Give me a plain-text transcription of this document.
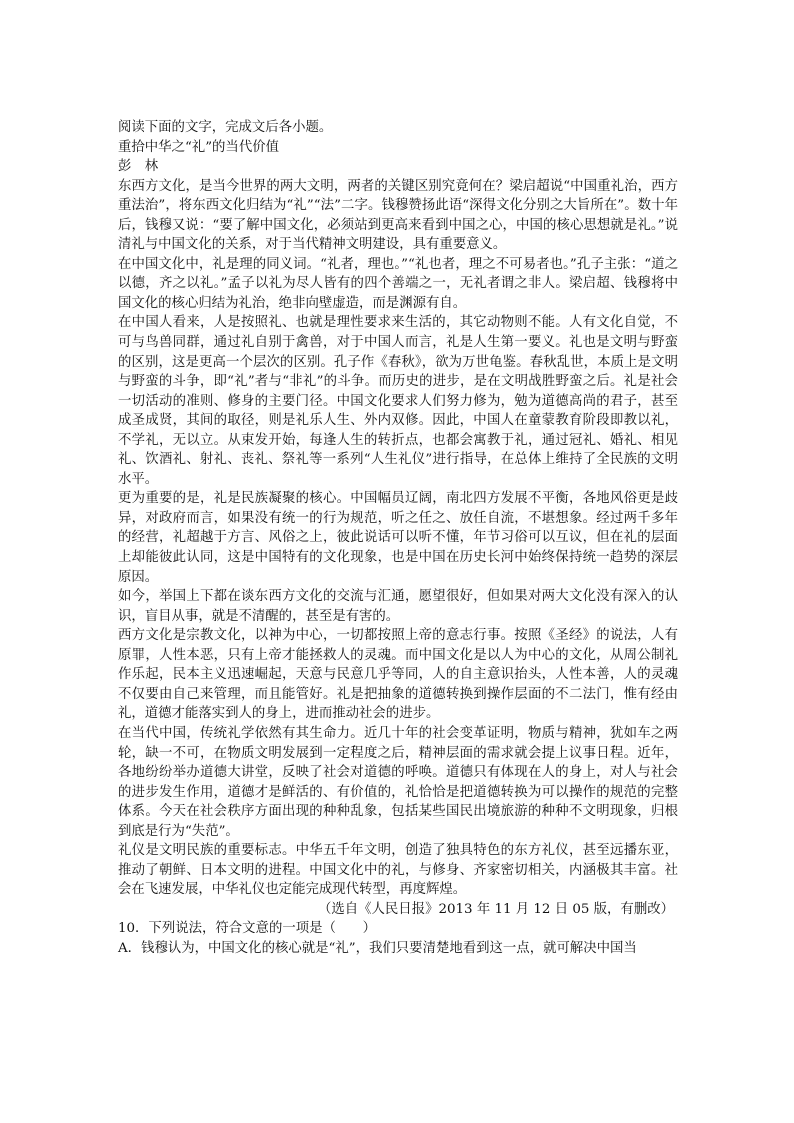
阅读下面的文字，完成文后各小题。
重拾中华之“礼”的当代价值
彭　林
东西方文化，是当今世界的两大文明，两者的关键区别究竟何在？梁启超说“中国重礼治，西方重法治”，将东西文化归结为“礼”“法”二字。钱穆赞扬此语“深得文化分别之大旨所在”。数十年后，钱穆又说：“要了解中国文化，必须站到更高来看到中国之心，中国的核心思想就是礼。”说清礼与中国文化的关系，对于当代精神文明建设，具有重要意义。
在中国文化中，礼是理的同义词。“礼者，理也。”“礼也者，理之不可易者也。”孔子主张：“道之以德，齐之以礼。”孟子以礼为尽人皆有的四个善端之一，无礼者谓之非人。梁启超、钱穆将中国文化的核心归结为礼治，绝非向壁虚造，而是渊源有自。
在中国人看来，人是按照礼、也就是理性要求来生活的，其它动物则不能。人有文化自觉，不可与鸟兽同群，通过礼自别于禽兽，对于中国人而言，礼是人生第一要义。礼也是文明与野蛮的区别，这是更高一个层次的区别。孔子作《春秋》，欲为万世龟鉴。春秋乱世，本质上是文明与野蛮的斗争，即“礼”者与“非礼”的斗争。而历史的进步，是在文明战胜野蛮之后。礼是社会一切活动的准则、修身的主要门径。中国文化要求人们努力修为，勉为道德高尚的君子，甚至成圣成贤，其间的取径，则是礼乐人生、外内双修。因此，中国人在童蒙教育阶段即教以礼，不学礼，无以立。从束发开始，每逢人生的转折点，也都会寓教于礼，通过冠礼、婚礼、相见礼、饮酒礼、射礼、丧礼、祭礼等一系列“人生礼仪”进行指导，在总体上维持了全民族的文明水平。
更为重要的是，礼是民族凝聚的核心。中国幅员辽阔，南北四方发展不平衡，各地风俗更是歧异，对政府而言，如果没有统一的行为规范，听之任之、放任自流，不堪想象。经过两千多年的经营，礼超越于方言、风俗之上，彼此说话可以听不懂，年节习俗可以互议，但在礼的层面上却能彼此认同，这是中国特有的文化现象，也是中国在历史长河中始终保持统一趋势的深层原因。
如今，举国上下都在谈东西方文化的交流与汇通，愿望很好，但如果对两大文化没有深入的认识，盲目从事，就是不清醒的，甚至是有害的。
西方文化是宗教文化，以神为中心，一切都按照上帝的意志行事。按照《圣经》的说法，人有原罪，人性本恶，只有上帝才能拯救人的灵魂。而中国文化是以人为中心的文化，从周公制礼作乐起，民本主义迅速崛起，天意与民意几乎等同，人的自主意识抬头，人性本善，人的灵魂不仅要由自己来管理，而且能管好。礼是把抽象的道德转换到操作层面的不二法门，惟有经由礼，道德才能落实到人的身上，进而推动社会的进步。
在当代中国，传统礼学依然有其生命力。近几十年的社会变革证明，物质与精神，犹如车之两轮，缺一不可，在物质文明发展到一定程度之后，精神层面的需求就会提上议事日程。近年，各地纷纷举办道德大讲堂，反映了社会对道德的呼唤。道德只有体现在人的身上，对人与社会的进步发生作用，道德才是鲜活的、有价值的，礼恰恰是把道德转换为可以操作的规范的完整体系。今天在社会秩序方面出现的种种乱象，包括某些国民出境旅游的种种不文明现象，归根到底是行为“失范”。
礼仪是文明民族的重要标志。中华五千年文明，创造了独具特色的东方礼仪，甚至远播东亚，推动了朝鲜、日本文明的进程。中国文化中的礼，与修身、齐家密切相关，内涵极其丰富。社会在飞速发展，中华礼仪也定能完成现代转型，再度辉煌。
（选自《人民日报》2013 年 11 月 12 日 05 版，有删改）
10．下列说法，符合文意的一项是（　　）
A．钱穆认为，中国文化的核心就是“礼”，我们只要清楚地看到这一点，就可解决中国当
